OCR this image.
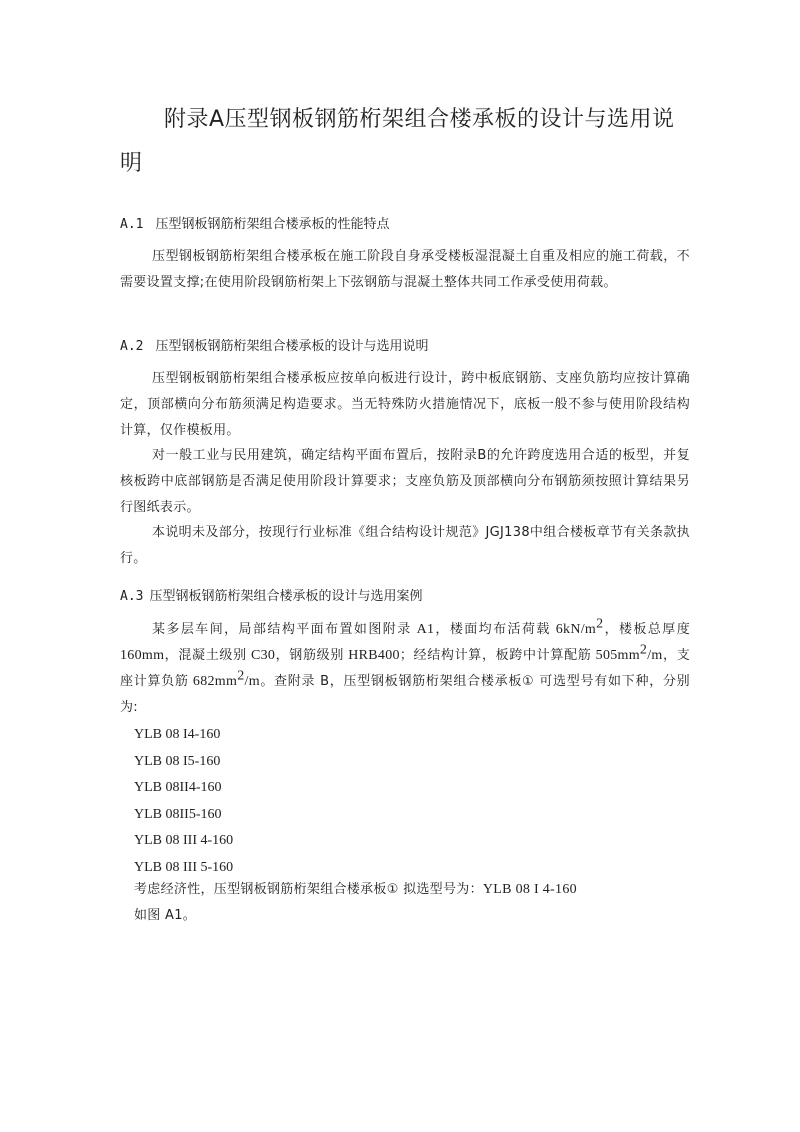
附录A压型钢板钢筋桁架组合楼承板的设计与选用说
明
A.1 压型钢板钢筋桁架组合楼承板的性能特点

压型钢板钢筋桁架组合楼承板在施工阶段自身承受楼板湿混凝土自重及相应的施工荷载，不需要设置支撑;在使用阶段钢筋桁架上下弦钢筋与混凝土整体共同工作承受使用荷载。

A.2 压型钢板钢筋桁架组合楼承板的设计与选用说明

压型钢板钢筋桁架组合楼承板应按单向板进行设计，跨中板底钢筋、支座负筋均应按计算确定，顶部横向分布筋须满足构造要求。当无特殊防火措施情况下，底板一般不参与使用阶段结构计算，仅作模板用。

对一般工业与民用建筑，确定结构平面布置后，按附录B的允许跨度选用合适的板型，并复核板跨中底部钢筋是否满足使用阶段计算要求；支座负筋及顶部横向分布钢筋须按照计算结果另行图纸表示。

本说明未及部分，按现行行业标准《组合结构设计规范》JGJ138中组合楼板章节有关条款执行。

A.3 压型钢板钢筋桁架组合楼承板的设计与选用案例

某多层车间，局部结构平面布置如图附录 A1，楼面均布活荷载 $6kN/m^2$，楼板总厚度160mm，混凝土级别 C30，钢筋级别 HRB400；经结构计算，板跨中计算配筋 $505mm^2/m$，支座计算负筋 $682mm^2/m$。查附录 B，压型钢板钢筋桁架组合楼承板① 可选型号有如下种，分别为:

YLB 08 I4-160
YLB 08 I5-160
YLB 08II4-160
YLB 08II5-160
YLB 08 III 4-160
YLB 08 III 5-160

考虑经济性，压型钢板钢筋桁架组合楼承板① 拟选型号为：YLB 08 I 4-160

如图 A1。
